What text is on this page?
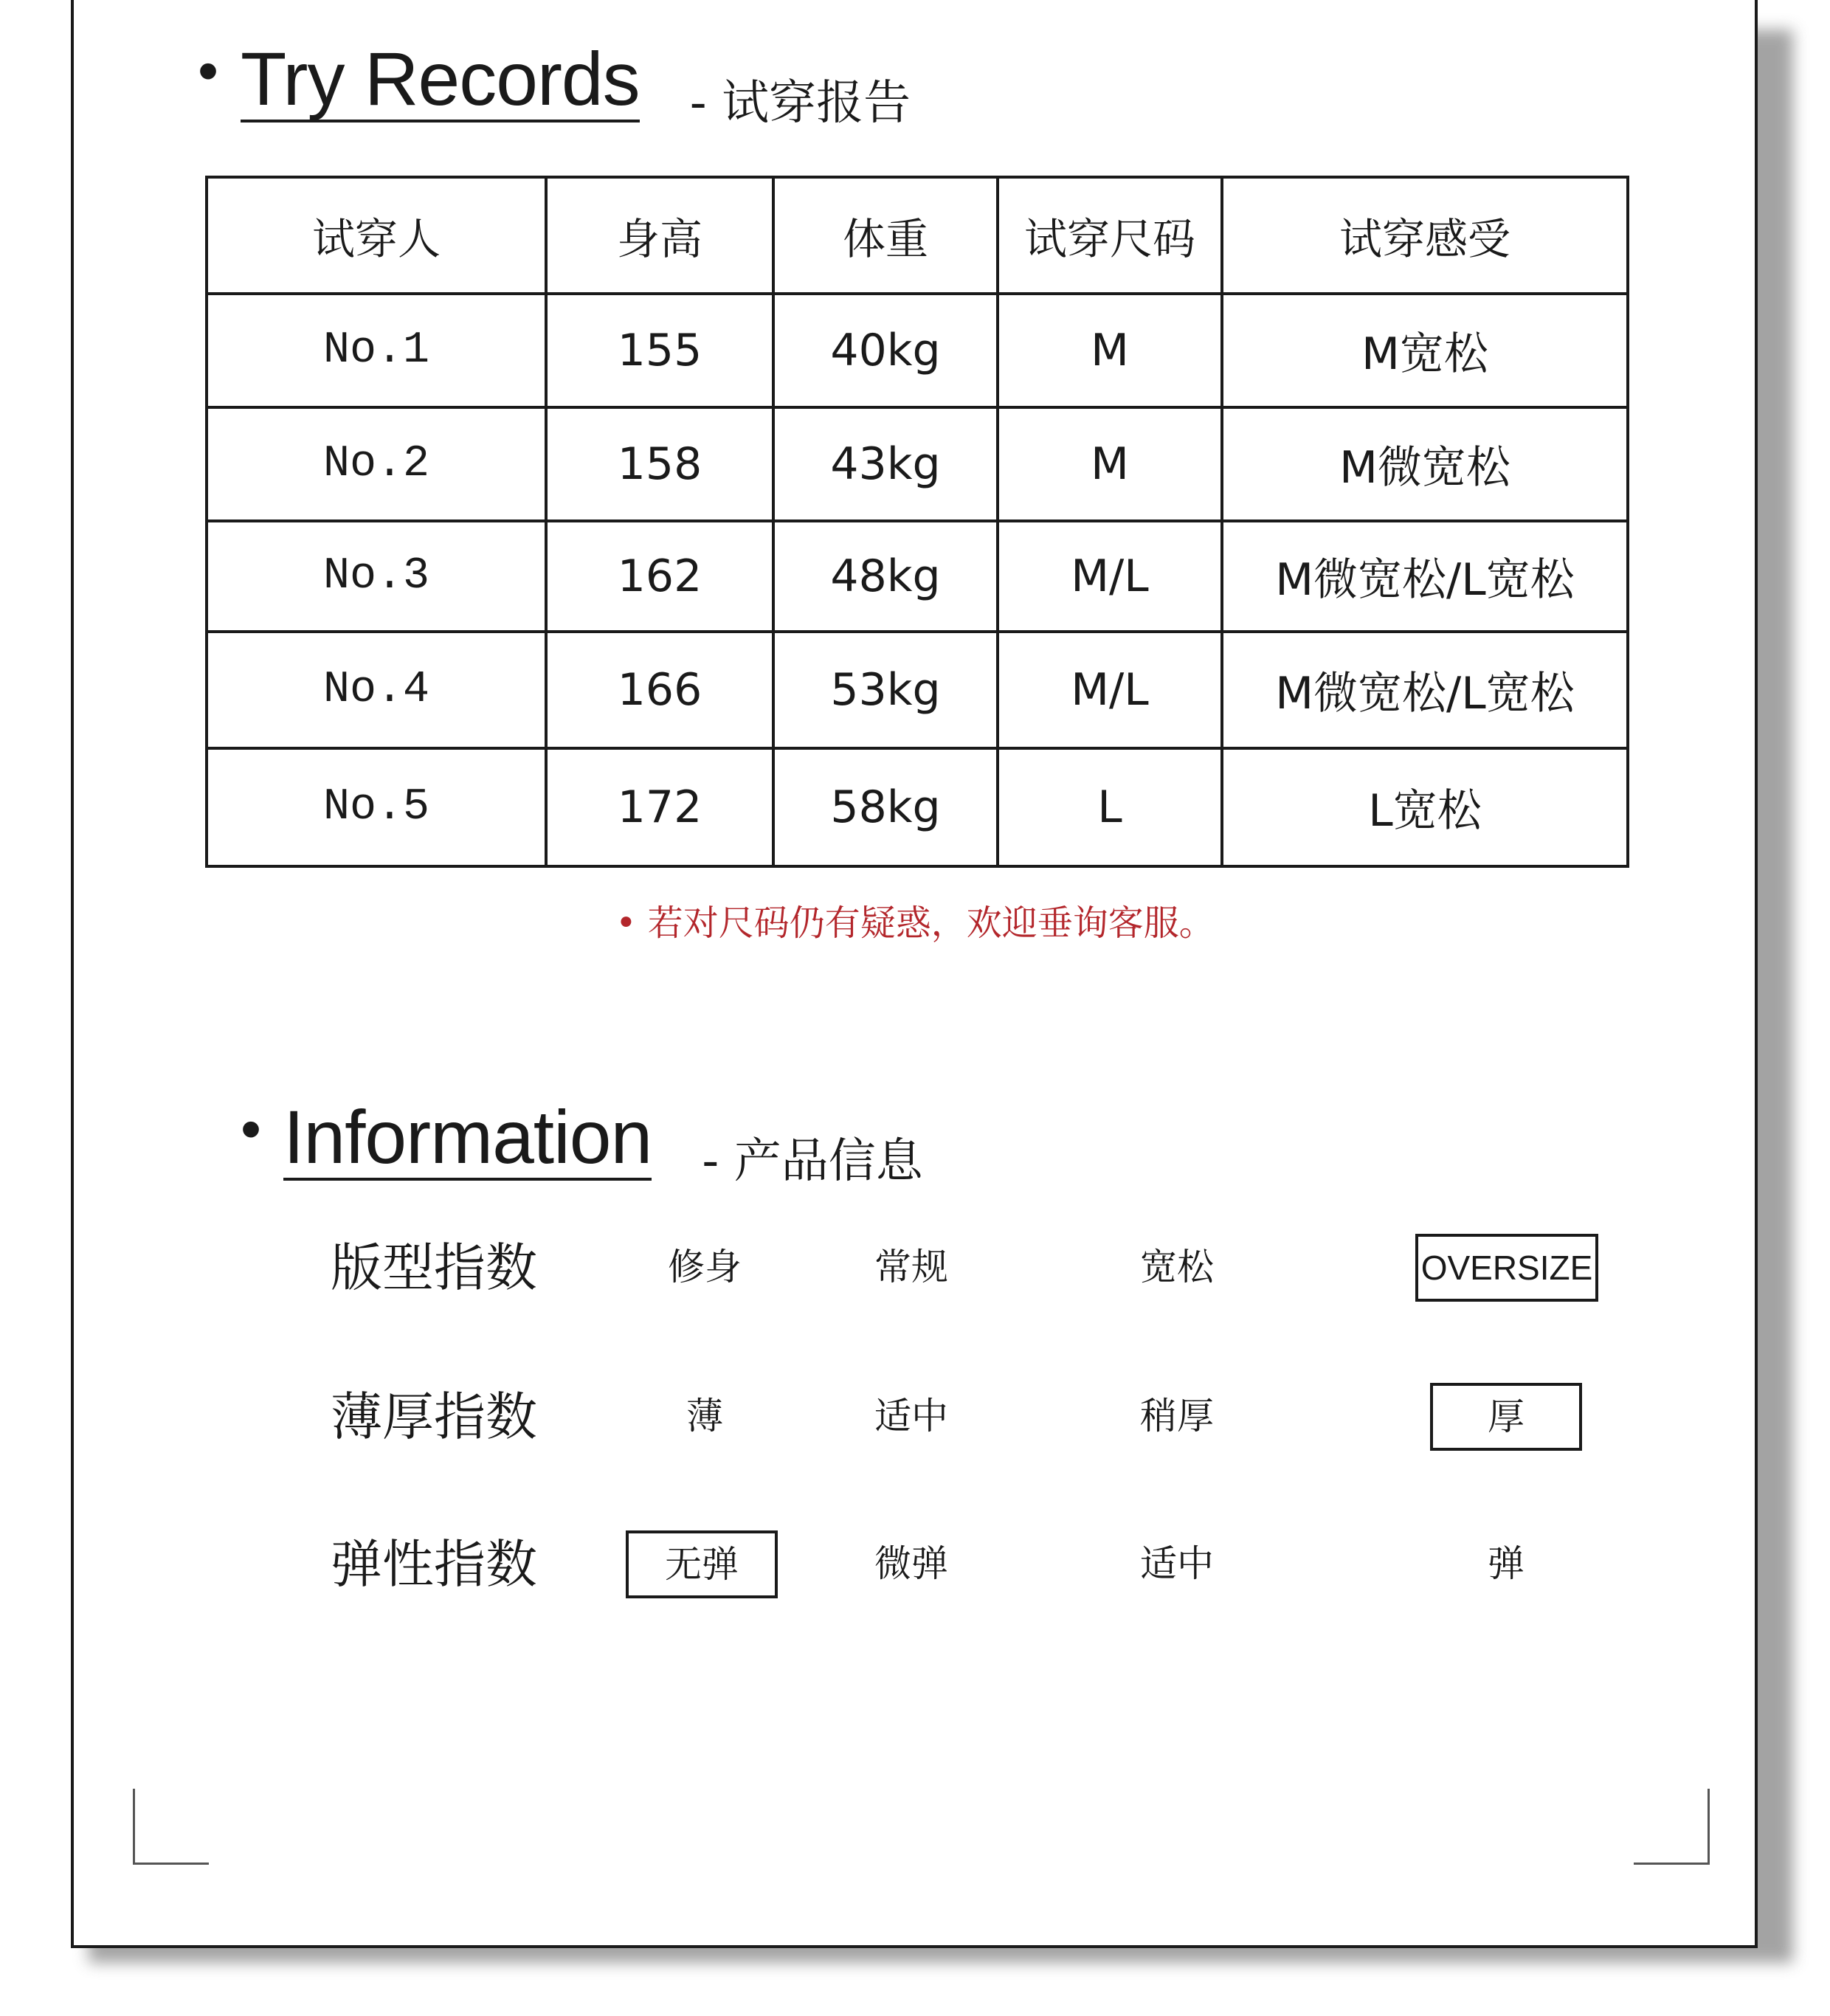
• Try Records - 试穿报告
试穿人	身高	体重	试穿尺码	试穿感受
No.1	155	40kg	M	M宽松
No.2	158	43kg	M	M微宽松
No.3	162	48kg	M/L	M微宽松/L宽松
No.4	166	53kg	M/L	M微宽松/L宽松
No.5	172	58kg	L	L宽松
• 若对尺码仍有疑惑，欢迎垂询客服。
• Information - 产品信息
版型指数	修身	常规	宽松	OVERSIZE
薄厚指数	薄	适中	稍厚	厚
弹性指数	无弹	微弹	适中	弹
